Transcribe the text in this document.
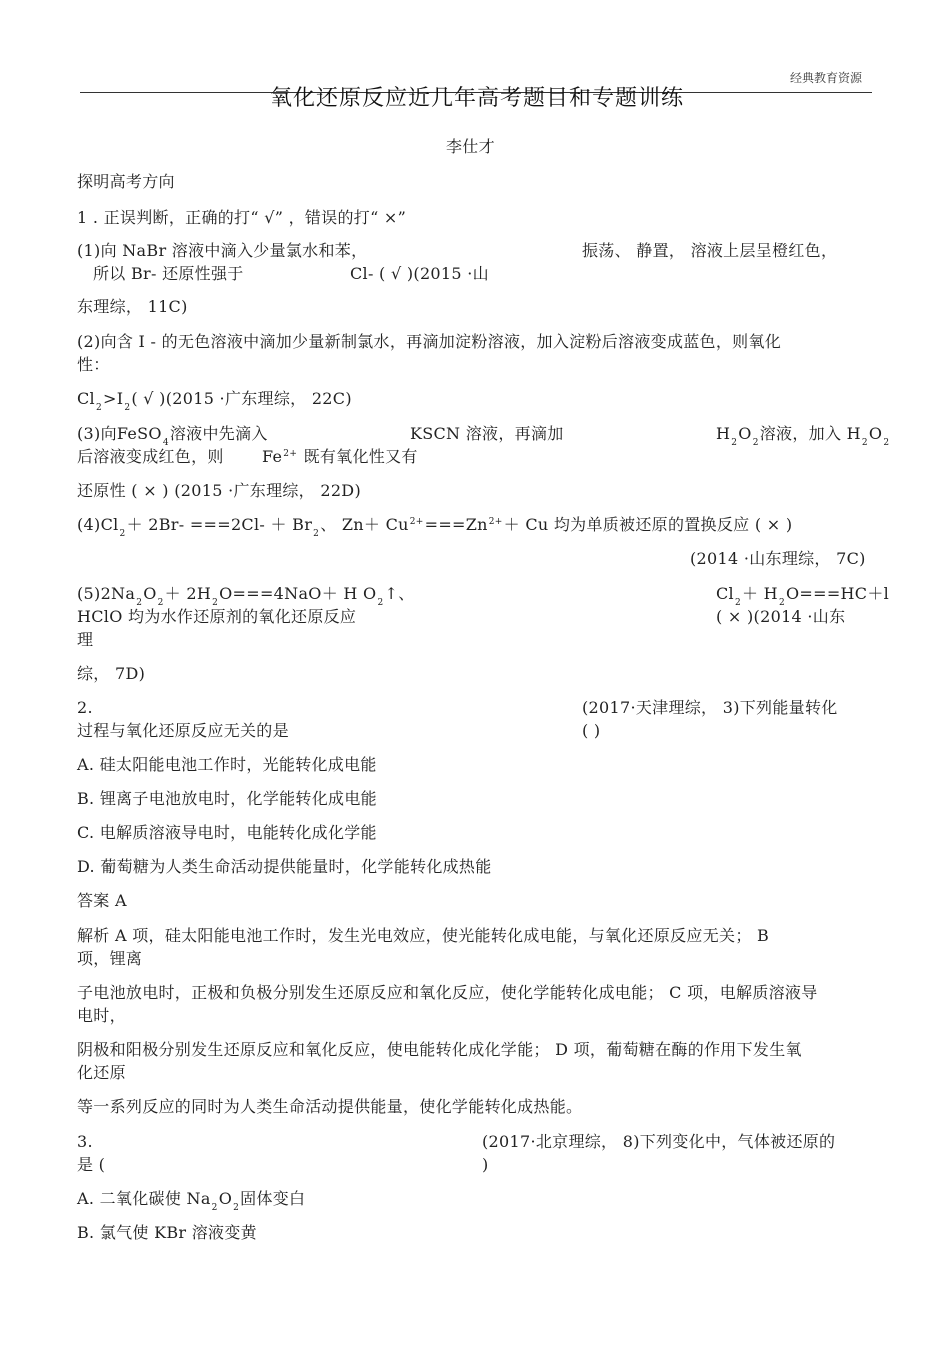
经典教育资源
氧化还原反应近几年高考题目和专题训练
李仕才
探明高考方向
1 . 正误判断，正确的打“ √” ，错误的打“ ×”
(1)向 NaBr 溶液中滴入少量氯水和苯，	振荡、 静置， 溶液上层呈橙红色，
所以 Br- 还原性强于	Cl- ( √ )(2015 ·山
东理综， 11C)
(2)向含 I - 的无色溶液中滴加少量新制氯水，再滴加淀粉溶液，加入淀粉后溶液变成蓝色，则氧化
性：
$Cl_2>I_2$( √ )(2015 ·广东理综， 22C)
(3)向FeSO$_4$溶液中先滴入	KSCN 溶液，再滴加	$H_2O_2$溶液，加入 $H_2O_2$
后溶液变成红色，则 $Fe^{2+}$ 既有氧化性又有
还原性 ( × ) (2015 ·广东理综， 22D)
$(4)Cl_2+ 2Br- ===2Cl- + Br_2$、 $Zn+ Cu^{2+}===Zn^{2+}+ Cu$ 均为单质被还原的置换反应 ( × )
(2014 ·山东理综， 7C)
$(5)2Na_2O_2+ 2H_2O===4NaO+ H$ $O_2↑$、	$Cl_2+ H_2O===HC+l$
HClO 均为水作还原剂的氧化还原反应	( × )(2014 ·山东
理
综， 7D)
2.	(2017·天津理综， 3)下列能量转化
过程与氧化还原反应无关的是	( )
A. 硅太阳能电池工作时，光能转化成电能
B. 锂离子电池放电时，化学能转化成电能
C. 电解质溶液导电时，电能转化成化学能
D. 葡萄糖为人类生命活动提供能量时，化学能转化成热能
答案 A
解析 A 项，硅太阳能电池工作时，发生光电效应，使光能转化成电能，与氧化还原反应无关； B
项，锂离
子电池放电时，正极和负极分别发生还原反应和氧化反应，使化学能转化成电能； C 项，电解质溶液导
电时，
阴极和阳极分别发生还原反应和氧化反应，使电能转化成化学能； D 项，葡萄糖在酶的作用下发生氧
化还原
等一系列反应的同时为人类生命活动提供能量，使化学能转化成热能。
3.	(2017·北京理综， 8)下列变化中，气体被还原的
是 (	)
A. 二氧化碳使 $Na_2O_2$固体变白
B. 氯气使 KBr 溶液变黄
